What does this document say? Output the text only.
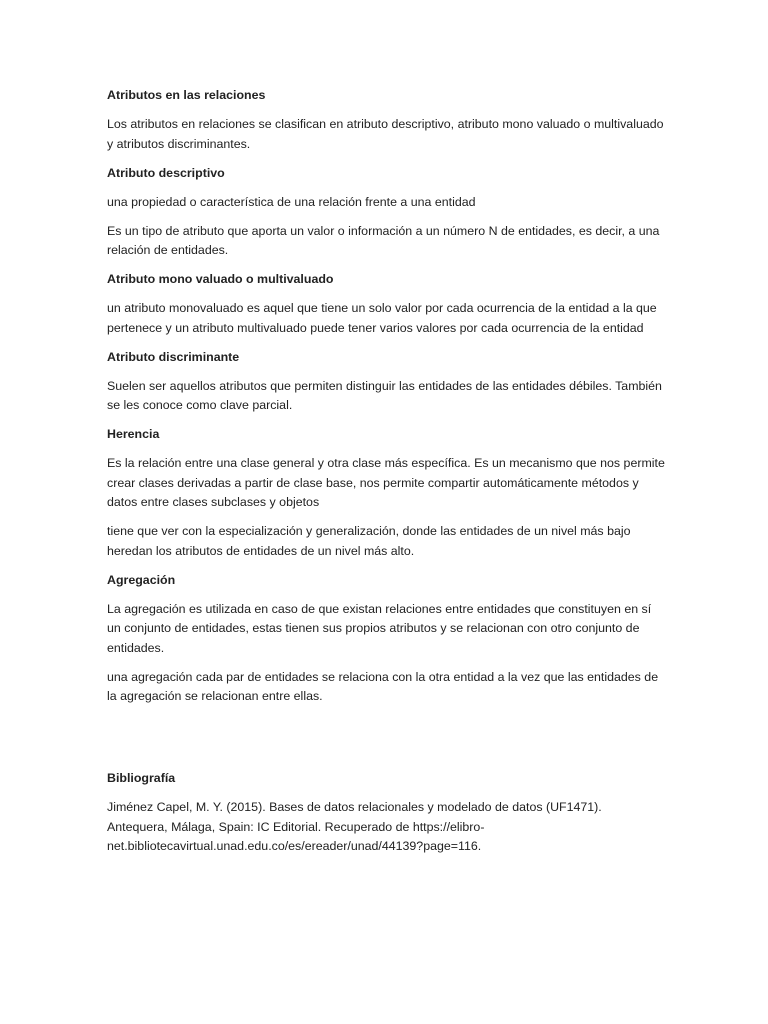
Atributos en las relaciones
Los atributos en relaciones se clasifican en atributo descriptivo, atributo mono valuado o multivaluado y atributos discriminantes.
Atributo descriptivo
una propiedad o característica de una relación frente a una entidad
Es un tipo de atributo que aporta un valor o información a un número N de entidades, es decir, a una relación de entidades.
Atributo mono valuado o multivaluado
un atributo monovaluado es aquel que tiene un solo valor por cada ocurrencia de la entidad a la que pertenece y un atributo multivaluado puede tener varios valores por cada ocurrencia de la entidad
Atributo discriminante
Suelen ser aquellos atributos que permiten distinguir las entidades de las entidades débiles. También se les conoce como clave parcial.
Herencia
Es la relación entre una clase general y otra clase más específica. Es un mecanismo que nos permite crear clases derivadas a partir de clase base, nos permite compartir automáticamente métodos y datos entre clases subclases y objetos
tiene que ver con la especialización y generalización, donde las entidades de un nivel más bajo heredan los atributos de entidades de un nivel más alto.
Agregación
La agregación es utilizada en caso de que existan relaciones entre entidades que constituyen en sí un conjunto de entidades, estas tienen sus propios atributos y se relacionan con otro conjunto de entidades.
una agregación cada par de entidades se relaciona con la otra entidad a la vez que las entidades de la agregación se relacionan entre ellas.
Bibliografía
Jiménez Capel, M. Y. (2015). Bases de datos relacionales y modelado de datos (UF1471).
Antequera, Málaga, Spain: IC Editorial. Recuperado de https://elibro-
net.bibliotecavirtual.unad.edu.co/es/ereader/unad/44139?page=116.
